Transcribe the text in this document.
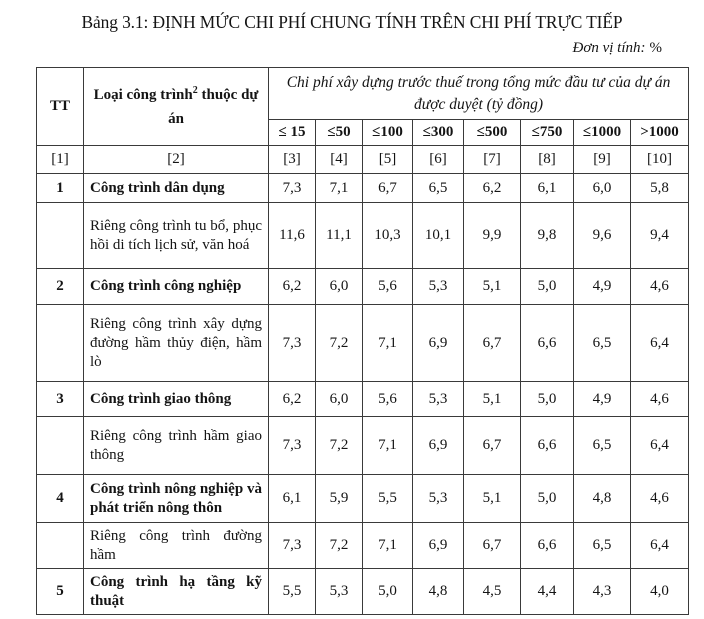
Bảng 3.1: ĐỊNH MỨC CHI PHÍ CHUNG TÍNH TRÊN CHI PHÍ TRỰC TIẾP
Đơn vị tính: %
TT	Loại công trình$^2$ thuộc dự án	Chi phí xây dựng trước thuế trong tổng mức đầu tư của dự án được duyệt (tỷ đồng)							
		≤ 15	≤50	≤100	≤300	≤500	≤750	≤1000	>1000
[1]	[2]	[3]	[4]	[5]	[6]	[7]	[8]	[9]	[10]
1	Công trình dân dụng	7,3	7,1	6,7	6,5	6,2	6,1	6,0	5,8
	Riêng công trình tu bổ, phục hồi di tích lịch sử, văn hoá	11,6	11,1	10,3	10,1	9,9	9,8	9,6	9,4
2	Công trình công nghiệp	6,2	6,0	5,6	5,3	5,1	5,0	4,9	4,6
	Riêng công trình xây dựng đường hầm thủy điện, hầm lò	7,3	7,2	7,1	6,9	6,7	6,6	6,5	6,4
3	Công trình giao thông	6,2	6,0	5,6	5,3	5,1	5,0	4,9	4,6
	Riêng công trình hầm giao thông	7,3	7,2	7,1	6,9	6,7	6,6	6,5	6,4
4	Công trình nông nghiệp và phát triển nông thôn	6,1	5,9	5,5	5,3	5,1	5,0	4,8	4,6
	Riêng công trình đường hầm	7,3	7,2	7,1	6,9	6,7	6,6	6,5	6,4
5	Công trình hạ tầng kỹ thuật	5,5	5,3	5,0	4,8	4,5	4,4	4,3	4,0
